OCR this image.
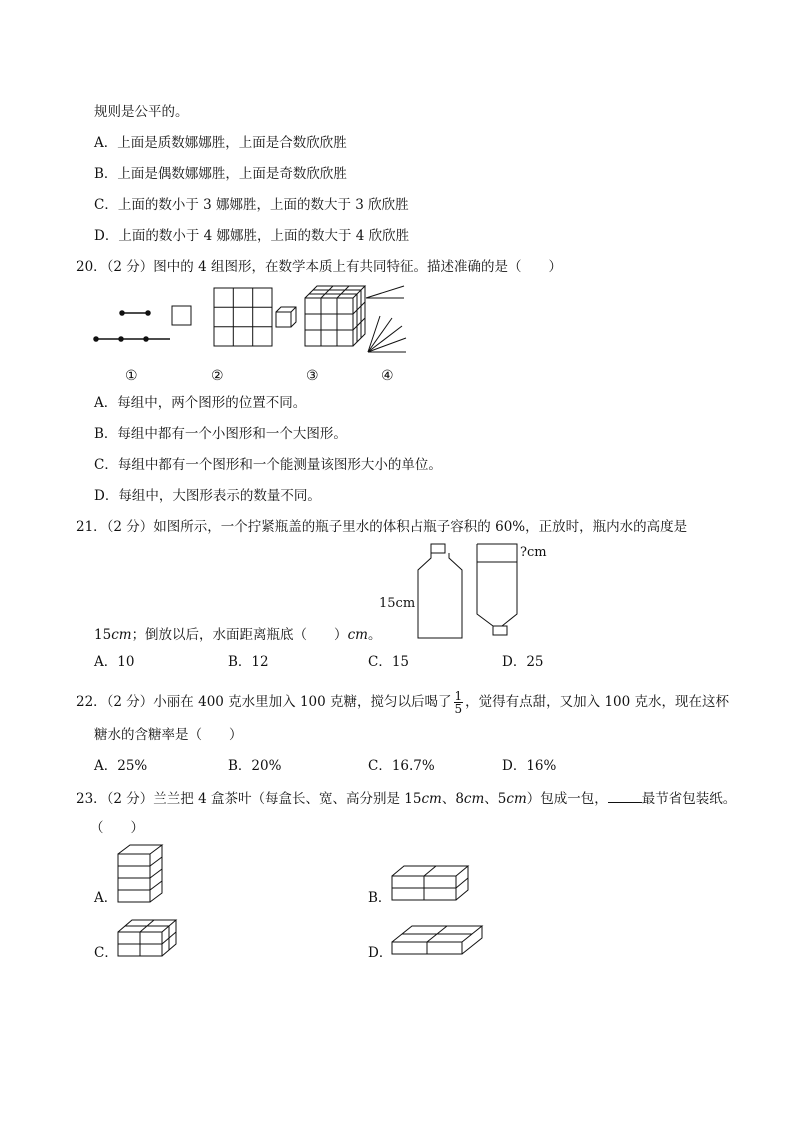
规则是公平的。
A．上面是质数娜娜胜，上面是合数欣欣胜
B．上面是偶数娜娜胜，上面是奇数欣欣胜
C．上面的数小于 3 娜娜胜，上面的数大于 3 欣欣胜
D．上面的数小于 4 娜娜胜，上面的数大于 4 欣欣胜
20．（2 分）图中的 4 组图形，在数学本质上有共同特征。描述准确的是（　　）
①	②	③	④
A．每组中，两个图形的位置不同。
B．每组中都有一个小图形和一个大图形。
C．每组中都有一个图形和一个能测量该图形大小的单位。
D．每组中，大图形表示的数量不同。
21．（2 分）如图所示，一个拧紧瓶盖的瓶子里水的体积占瓶子容积的 60%，正放时，瓶内水的高度是
15cm
?cm
15cm；倒放以后，水面距离瓶底（　　）cm。
A．10	B．12	C．15	D．25
22．（2 分）小丽在 400 克水里加入 100 克糖，搅匀以后喝了 $\frac{1}{5}$ ，觉得有点甜，又加入 100 克水，现在这杯
糖水的含糖率是（　　）
A．25%	B．20%	C．16.7%	D．16%
23．（2 分）兰兰把 4 盒茶叶（每盒长、宽、高分别是 15cm、8cm、5cm）包成一包，	最节省包装纸。
（　　）
A．	B．
C．	D．
